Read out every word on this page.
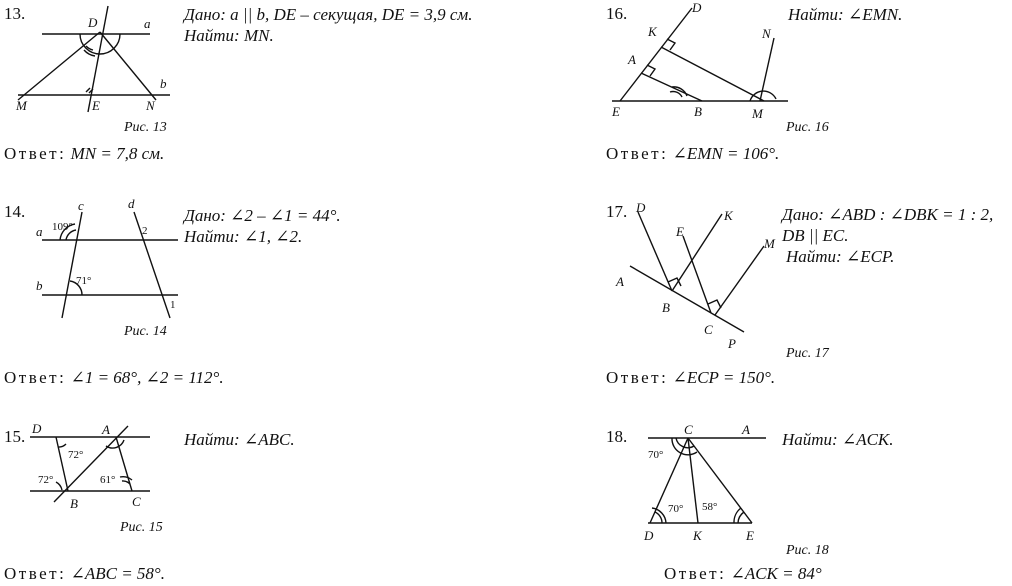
13.	D	a
b
M	E	N
Дано: a || b, DE – секущая, DE = 3,9 см.
Найти: MN.
Рис. 13
Ответ: MN = 7,8 см.
14.	c	d
a
b
2
1
109°
71°
Дано: ∠2 – ∠1 = 44°.
Найти: ∠1, ∠2.
Рис. 14
Ответ: ∠1 = 68°, ∠2 = 112°.
15. D	A
B	C
72°
72°	61°
Найти: ∠ABC.
Рис. 15
Ответ: ∠ABC = 58°.
16.	D
K
A
N
E	B	M
Найти: ∠EMN.
Рис. 16
Ответ: ∠EMN = 106°.
17. D
E
K
M
A
B
C
P
Дано: ∠ABD : ∠DBK = 1 : 2,
DB || EC.
Найти: ∠ECP.
Рис. 17
Ответ: ∠ECP = 150°.
18.	C	A
D	K	E
70°
70° 58°
Найти: ∠ACK.
Рис. 18
Ответ: ∠ACK = 84°
